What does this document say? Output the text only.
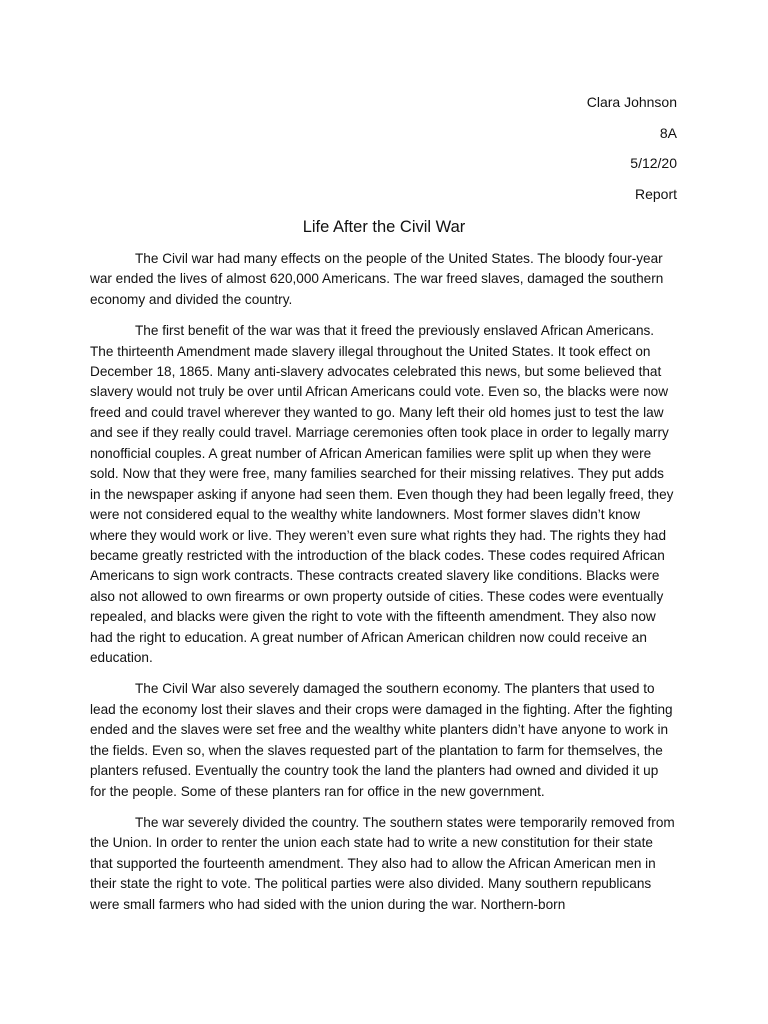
Clara Johnson
8A
5/12/20
Report
Life After the Civil War

The Civil war had many effects on the people of the United States. The bloody four-year war ended the lives of almost 620,000 Americans. The war freed slaves, damaged the southern economy and divided the country.

The first benefit of the war was that it freed the previously enslaved African Americans. The thirteenth Amendment made slavery illegal throughout the United States. It took effect on December 18, 1865. Many anti-slavery advocates celebrated this news, but some believed that slavery would not truly be over until African Americans could vote. Even so, the blacks were now freed and could travel wherever they wanted to go. Many left their old homes just to test the law and see if they really could travel. Marriage ceremonies often took place in order to legally marry nonofficial couples. A great number of African American families were split up when they were sold. Now that they were free, many families searched for their missing relatives. They put adds in the newspaper asking if anyone had seen them. Even though they had been legally freed, they were not considered equal to the wealthy white landowners. Most former slaves didn’t know where they would work or live. They weren’t even sure what rights they had. The rights they had became greatly restricted with the introduction of the black codes. These codes required African Americans to sign work contracts. These contracts created slavery like conditions. Blacks were also not allowed to own firearms or own property outside of cities. These codes were eventually repealed, and blacks were given the right to vote with the fifteenth amendment. They also now had the right to education. A great number of African American children now could receive an education.

The Civil War also severely damaged the southern economy. The planters that used to lead the economy lost their slaves and their crops were damaged in the fighting. After the fighting ended and the slaves were set free and the wealthy white planters didn’t have anyone to work in the fields. Even so, when the slaves requested part of the plantation to farm for themselves, the planters refused. Eventually the country took the land the planters had owned and divided it up for the people. Some of these planters ran for office in the new government.

The war severely divided the country. The southern states were temporarily removed from the Union. In order to renter the union each state had to write a new constitution for their state that supported the fourteenth amendment. They also had to allow the African American men in their state the right to vote. The political parties were also divided. Many southern republicans were small farmers who had sided with the union during the war. Northern-born
